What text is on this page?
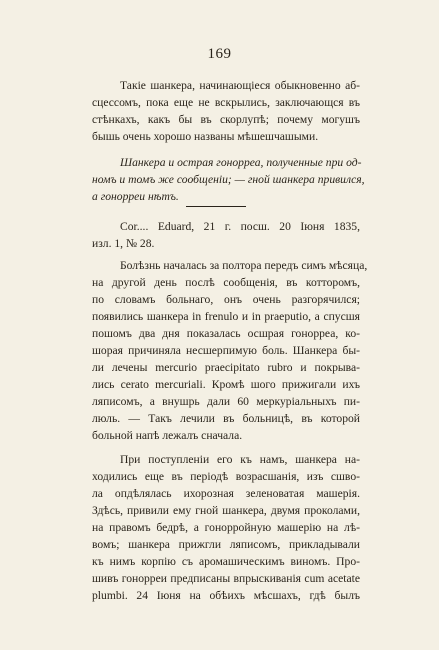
169
Такіе шанкера, начинающіеся обыкновенно аб-
сцессомъ, пока еще не вскрылись, заключающся въ
стѣнкахъ, какъ бы въ скорлупѣ; почему могушъ
бышь очень хорошо названы мѣшешчашыми.
Шанкера и острая гонорреа, полученные при од-
номъ и томъ же сообщеніи; — гной шанкера привился,
а гонорреи нѣтъ.
Cor.... Eduard, 21 г. посш. 20 Іюня 1835,
изл. 1, № 28.
Болѣзнь началась за полтора передъ симъ мѣсяца,
на другой день послѣ сообщенія, въ котторомъ,
по словамъ больнаго, онъ очень разгорячился;
появились шанкера in frenulo и in praeputio, а спусшя
пошомъ два дня показалась осшрая гонорреа, ко-
шорая причиняла несшерпимую боль. Шанкера бы-
ли лечены mercurio praecipitato rubro и покрыва-
лись cerato mercuriali. Кромѣ шого прижигали ихъ
ляписомъ, а внушрь дали 60 меркуріальныхъ пи-
люль. — Такъ лечили въ больницѣ, въ которой
больной напѣ лежалъ сначала.
При поступленіи его къ намъ, шанкера на-
ходились еще въ періодѣ возрасшанія, изъ сшво-
ла опдѣлялась ихорозная зеленоватая машерія.
Здѣсь, привили ему гной шанкера, двумя проколами,
на правомъ бедрѣ, а гонорройную машерію на лѣ-
вомъ; шанкера прижгли ляписомъ, прикладывали
къ нимъ корпію съ аромашическимъ виномъ. Про-
шивъ гонорреи предписаны впрыскиванія cum acetate
plumbi. 24 Іюня на обѣихъ мѣсшахъ, гдѣ былъ
